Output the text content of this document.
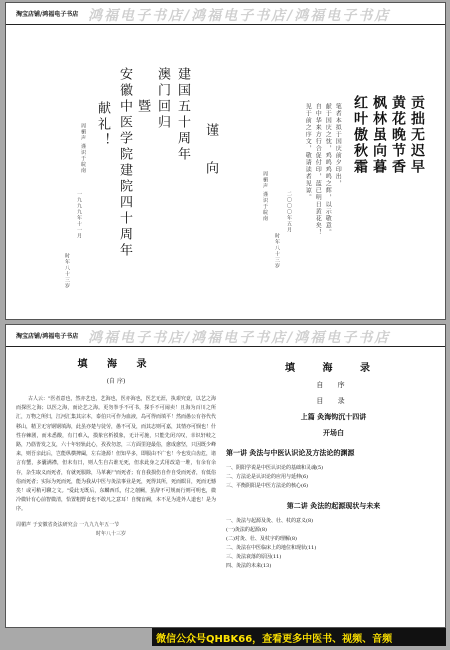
淘宝店铺/鸿福电子书店 鸿福电子书店/鸿福电子书店/鸿福电子书店
贡拙无迟早
黄花晚节香
枫林虽向暮
红叶傲秋霜
笔者本拟于国庆前夕印出，
献于国庆之忱，鸡鸣鸡鸣之辉，以示敬意。
自中华来方行合促付印，蓝已明日黄花矣！
见于前之序文，敬请读者见谅。
周楣声 谨识于皖南	二〇〇〇年五月
时年八十三岁
谨
向
建国五十周年
澳门回归
暨
安徽中医学院建院四十周年
献礼！
周楣声 谨识于皖南
一九九九年十一月
时年八十三岁
淘宝店铺/鸿福电子书店 鸿福电子书店/鸿福电子书店/鸿福电子书店
填 海 录
(自 序)

古人云："医者意也，然亦艺也，艺海也，医亦海也，医艺无涯，执艰究竟，以艺之海而探医之海；以医之海，而论艺之海。更勿拳手不可书，探手不可闹卖！且海为百川之所汇，万物之所归，江河汇集其宗本，泰伯只可作为血液，岛可得而填平！然而愚公有谷代代移山，精卫无穷钢钢填海，此虽亦楚与徒劳，愚不可及，而其志则可嘉，其情亦可悯也！什性存棘剧，而未悉酸，有门难入，摸象官析摸象，无计可施，只能先闭兴叹，幸识轩岐之路，乃筋皆发之友，六十年轻轨此心，孜孜勿忽，三方面里迎最俗，愈成愈坚，只因既少峰来，则吾亲此后，岂能纵横捭阖，左右逢源！但知早多，即服由不广也！今也发白齿危，诸言有蟹，多囊满襟，但未有日，则人生自古谁无死，但求此身之式用改造一堆，有余有余存，杂生取义而死者，有就死服除，马革裹尸而死者；有自我损伤自作自受而死者，有低俗俗而死者；实际为死而死，能为我从中医与灸法事业是死，死得其所，死而瞑目，死而无憾矣！或可稍可聊之文。"爱此无既后，东麟西爪，付之剞劂，虽辞不可规而行则可明也，微冷微针有心前智微清，恰置粗野食也不敢凡之意耳！自愧盲阙，本不足为进外人道也！是为序。

周楣声 于安徽省灸法研究会 一九九九年五一节
时年八十三岁
填 海 录
自 序
目 录
上篇 灸海钩沉十四讲
开场白
第一讲 灸法与中医认识论及方法论的渊源
一、阴阳学说是中医认识论的基础和灵魂(5)
二、方法论是认识论的应用与延伸(6)
三、平衡阴阳是中医方法论的核心(6)
第二讲 灸法的起源现状与未来
一、灸法与起源及灸、壮、杖的意义(8)
(一)灸法的起源(8)
(二)对灸、壮、及杖字的理解(8)
二、灸法在中医临床上的地位和现状(11)
三、灸法衰落的原因(11)
四、灸法的未来(13)
微信公众号QHBK66，查看更多中医书、视频、音频
